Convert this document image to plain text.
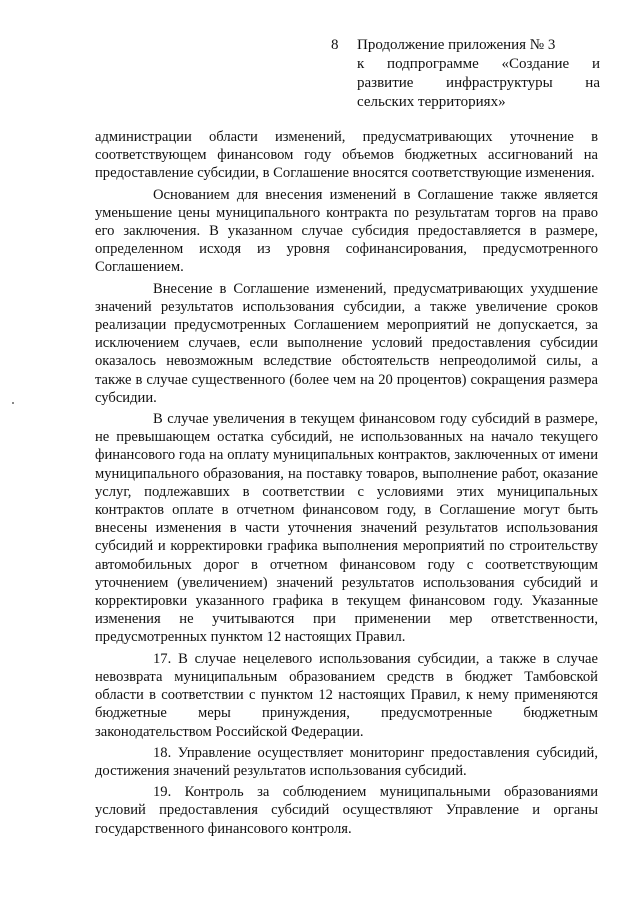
8 Продолжение приложения № 3
к подпрограмме «Создание и развитие инфраструктуры на сельских территориях»

администрации области изменений, предусматривающих уточнение в соответствующем финансовом году объемов бюджетных ассигнований на предоставление субсидии, в Соглашение вносятся соответствующие изменения.

Основанием для внесения изменений в Соглашение также является уменьшение цены муниципального контракта по результатам торгов на право его заключения. В указанном случае субсидия предоставляется в размере, определенном исходя из уровня софинансирования, предусмотренного Соглашением.

Внесение в Соглашение изменений, предусматривающих ухудшение значений результатов использования субсидии, а также увеличение сроков реализации предусмотренных Соглашением мероприятий не допускается, за исключением случаев, если выполнение условий предоставления субсидии оказалось невозможным вследствие обстоятельств непреодолимой силы, а также в случае существенного (более чем на 20 процентов) сокращения размера субсидии.

В случае увеличения в текущем финансовом году субсидий в размере, не превышающем остатка субсидий, не использованных на начало текущего финансового года на оплату муниципальных контрактов, заключенных от имени муниципального образования, на поставку товаров, выполнение работ, оказание услуг, подлежавших в соответствии с условиями этих муниципальных контрактов оплате в отчетном финансовом году, в Соглашение могут быть внесены изменения в части уточнения значений результатов использования субсидий и корректировки графика выполнения мероприятий по строительству автомобильных дорог в отчетном финансовом году с соответствующим уточнением (увеличением) значений результатов использования субсидий и корректировки указанного графика в текущем финансовом году. Указанные изменения не учитываются при применении мер ответственности, предусмотренных пунктом 12 настоящих Правил.

17. В случае нецелевого использования субсидии, а также в случае невозврата муниципальным образованием средств в бюджет Тамбовской области в соответствии с пунктом 12 настоящих Правил, к нему применяются бюджетные меры принуждения, предусмотренные бюджетным законодательством Российской Федерации.

18. Управление осуществляет мониторинг предоставления субсидий, достижения значений результатов использования субсидий.

19. Контроль за соблюдением муниципальными образованиями условий предоставления субсидий осуществляют Управление и органы государственного финансового контроля.
